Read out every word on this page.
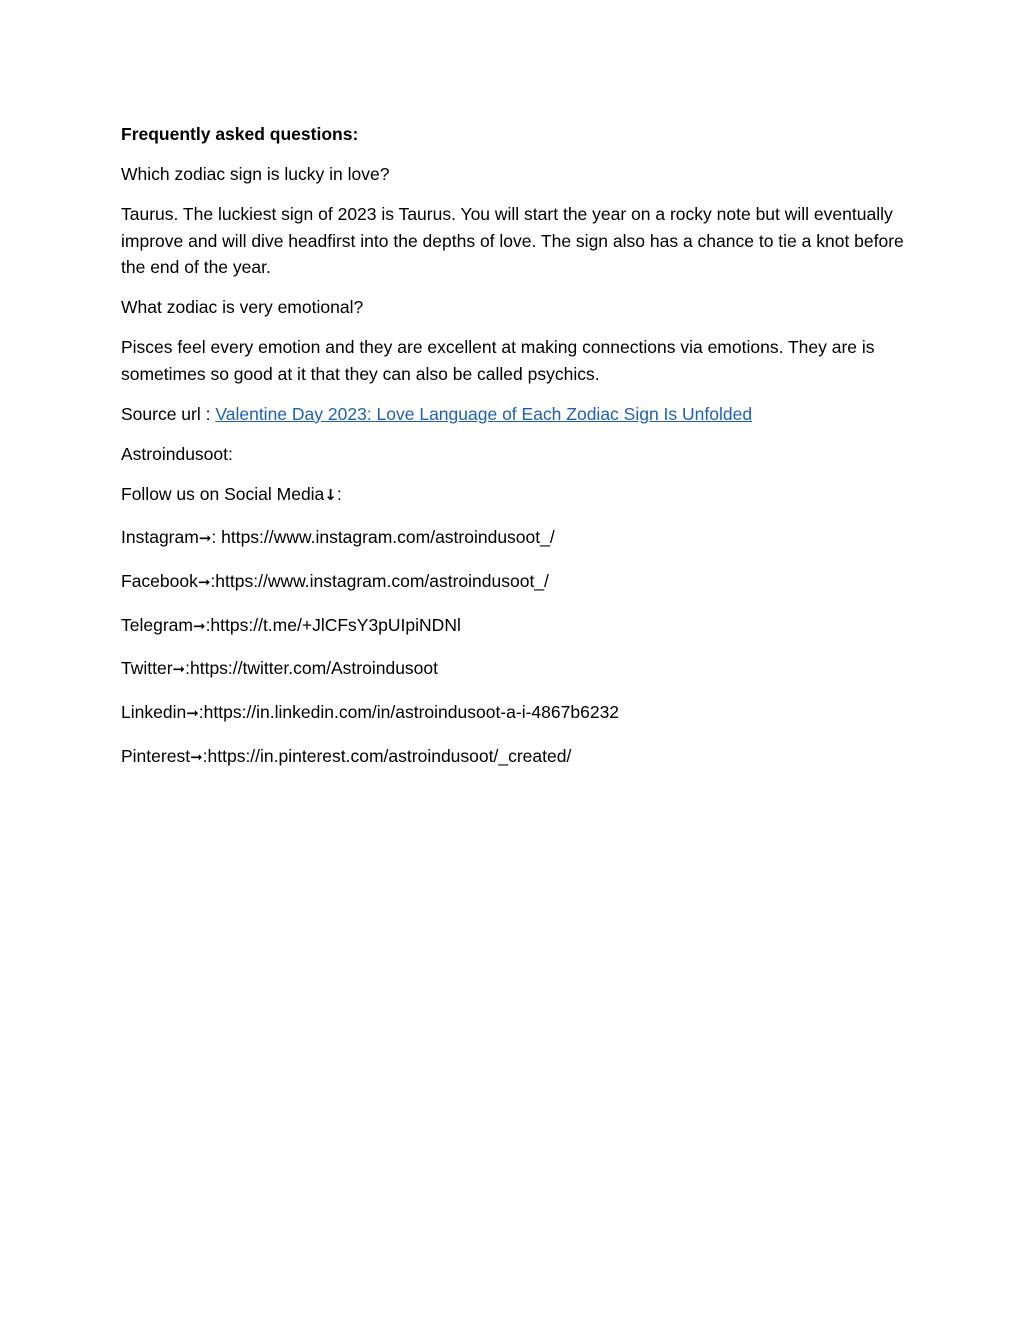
Frequently asked questions:

Which zodiac sign is lucky in love?

Taurus. The luckiest sign of 2023 is Taurus. You will start the year on a rocky note but will eventually improve and will dive headfirst into the depths of love. The sign also has a chance to tie a knot before the end of the year.

What zodiac is very emotional?

Pisces feel every emotion and they are excellent at making connections via emotions. They are is sometimes so good at it that they can also be called psychics.

Source url : Valentine Day 2023: Love Language of Each Zodiac Sign Is Unfolded

Astroindusoot:

Follow us on Social Media↓:

Instagram➞: https://www.instagram.com/astroindusoot_/

Facebook➞:https://www.instagram.com/astroindusoot_/

Telegram➞:https://t.me/+JlCFsY3pUIpiNDNl

Twitter➞:https://twitter.com/Astroindusoot

Linkedin➞:https://in.linkedin.com/in/astroindusoot-a-i-4867b6232

Pinterest➞:https://in.pinterest.com/astroindusoot/_created/
